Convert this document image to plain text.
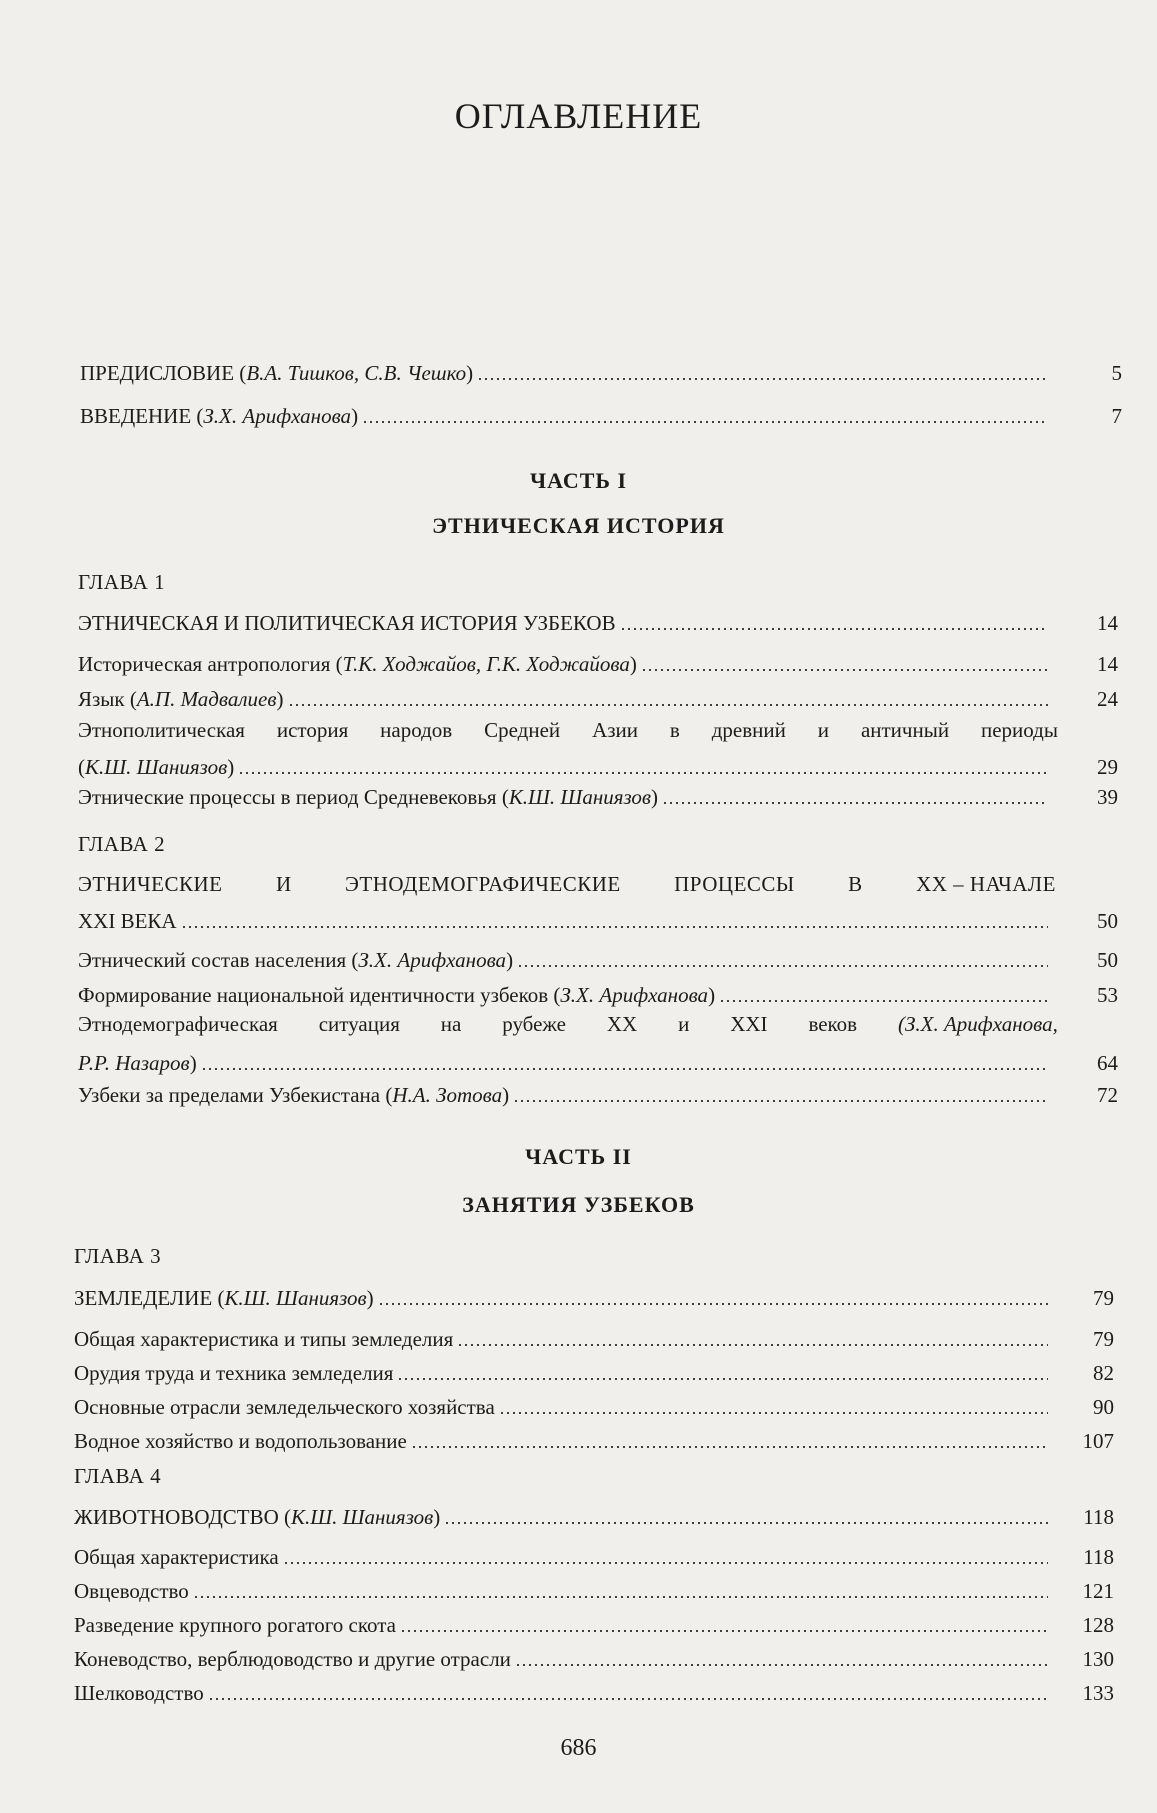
ОГЛАВЛЕНИЕ
ПРЕДИСЛОВИЕ (В.А. Тишков, С.В. Чешко)	5
ВВЕДЕНИЕ (З.Х. Арифханова)	7
ЧАСТЬ I
ЭТНИЧЕСКАЯ ИСТОРИЯ
ГЛАВА 1
ЭТНИЧЕСКАЯ И ПОЛИТИЧЕСКАЯ ИСТОРИЯ УЗБЕКОВ	14
Историческая антропология (Т.К. Ходжайов, Г.К. Ходжайова)	14
Язык (А.П. Мадвалиев)	24
Этнополитическая история народов Средней Азии в древний и античный периоды
(К.Ш. Шаниязов)	29
Этнические процессы в период Средневековья (К.Ш. Шаниязов)	39
ГЛАВА 2
ЭТНИЧЕСКИЕ	И	ЭТНОДЕМОГРАФИЧЕСКИЕ	ПРОЦЕССЫ	В	XX – НАЧАЛЕ
XXI ВЕКА	50
Этнический состав населения (З.Х. Арифханова)	50
Формирование национальной идентичности узбеков (З.Х. Арифханова)	53
Этнодемографическая ситуация на рубеже XX и XXI веков (З.Х. Арифханова,
Р.Р. Назаров)	64
Узбеки за пределами Узбекистана (Н.А. Зотова)	72
ЧАСТЬ II
ЗАНЯТИЯ УЗБЕКОВ
ГЛАВА 3
ЗЕМЛЕДЕЛИЕ (К.Ш. Шаниязов)	79
Общая характеристика и типы земледелия	79
Орудия труда и техника земледелия	82
Основные отрасли земледельческого хозяйства	90
Водное хозяйство и водопользование	107
ГЛАВА 4
ЖИВОТНОВОДСТВО (К.Ш. Шаниязов)	118
Общая характеристика	118
Овцеводство	121
Разведение крупного рогатого скота	128
Коневодство, верблюдоводство и другие отрасли	130
Шелководство	133
686
